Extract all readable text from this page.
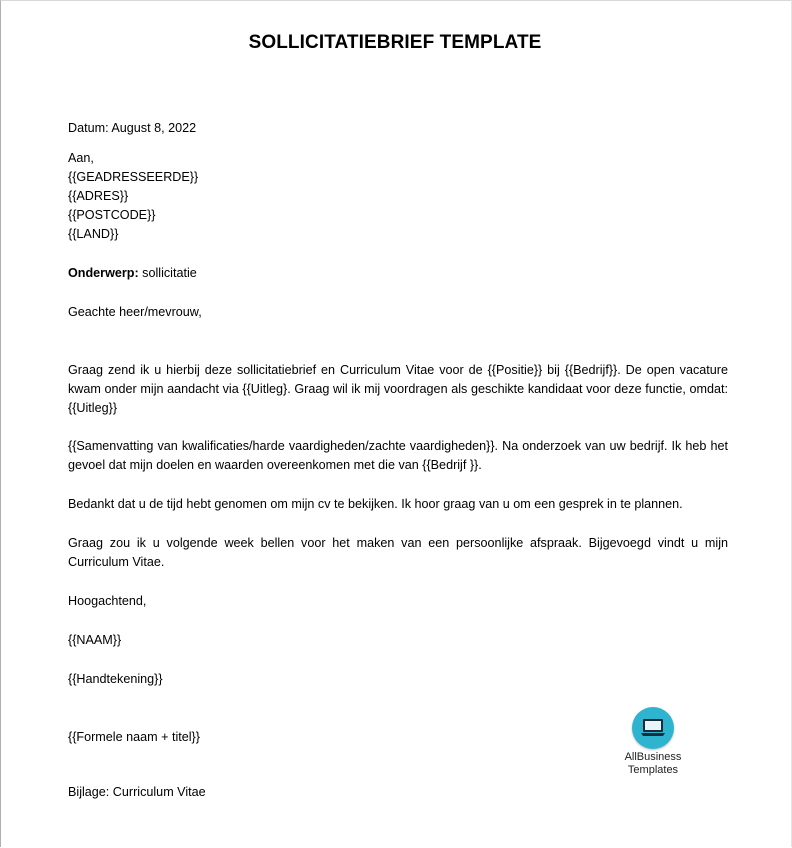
SOLLICITATIEBRIEF TEMPLATE
Datum: August 8, 2022
Aan,
{{GEADRESSEERDE}}
{{ADRES}}
{{POSTCODE}}
{{LAND}}
Onderwerp: sollicitatie
Geachte heer/mevrouw,
Graag zend ik u hierbij deze sollicitatiebrief en Curriculum Vitae voor de {{Positie}} bij {{Bedrijf}}. De open vacature kwam onder mijn aandacht via {{Uitleg}. Graag wil ik mij voordragen als geschikte kandidaat voor deze functie, omdat: {{Uitleg}}
{{Samenvatting van kwalificaties/harde vaardigheden/zachte vaardigheden}}. Na onderzoek van uw bedrijf. Ik heb het gevoel dat mijn doelen en waarden overeenkomen met die van {{Bedrijf }}.
Bedankt dat u de tijd hebt genomen om mijn cv te bekijken. Ik hoor graag van u om een gesprek in te plannen.
Graag zou ik u volgende week bellen voor het maken van een persoonlijke afspraak. Bijgevoegd vindt u mijn Curriculum Vitae.
Hoogachtend,
{{NAAM}}
{{Handtekening}}
{{Formele naam + titel}}
Bijlage: Curriculum Vitae
AllBusiness
Templates
